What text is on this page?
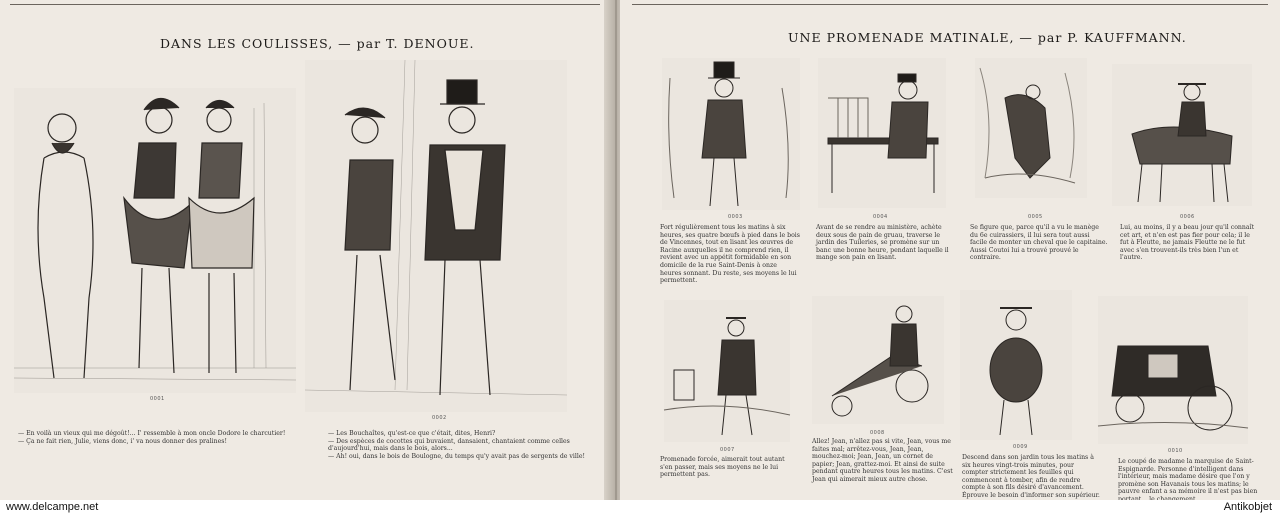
DANS LES COULISSES, — par T. DENOUE.
0001

— En voilà un vieux qui me dégoût!... I' ressemble à mon oncle Dodore le charcutier!

— Ça ne fait rien, Julie, viens donc, i' va nous donner des pralines!

0002

— Les Bouchaîtes, qu'est-ce que c'était, dites, Henri?

— Des espèces de cocottes qui buvaient, dansaient, chantaient comme celles d'aujourd'hui, mais dans le bois, alors...

— Ah! oui, dans le bois de Boulogne, du temps qu'y avait pas de sergents de ville!

UNE PROMENADE MATINALE, — par P. KAUFFMANN.
0003	0004	0005	0006
Fort régulièrement tous les matins à six heures, ses quatre bœufs à pied dans le bois de Vincennes, tout en lisant les œuvres de Racine auxquelles il ne comprend rien, il revient avec un appétit formidable en son domicile de la rue Saint-Denis à onze heures sonnant. Du reste, ses moyens le lui permettent.
Avant de se rendre au ministère, achète deux sous de pain de gruau, traverse le jardin des Tuileries, se promène sur un banc une bonne heure, pendant laquelle il mange son pain en lisant.
Se figure que, parce qu'il a vu le manège du 6e cuirassiers, il lui sera tout aussi facile de monter un cheval que le capitaine. Aussi Coutoi lui a trouvé prouvé le contraire.
Lui, au moins, il y a beau jour qu'il connaît cet art, et n'en est pas fier pour cela; il le fut à Fleutte, ne jamais Fleutte ne le fut avec s'en trouvent-ils très bien l'un et l'autre.
0007
0008
0009
0010
Promenade forcée, aimerait tout autant s'en passer, mais ses moyens ne le lui permettent pas.
Allez! Jean, n'allez pas si vite, Jean, vous me faites mal; arrêtez-vous, Jean, Jean, mouchez-moi; Jean, Jean, un cornet de papier; Jean, grattez-moi. Et ainsi de suite pendant quatre heures tous les matins. C'est Jean qui aimerait mieux autre chose.
Descend dans son jardin tous les matins à six heures vingt-trois minutes, pour compter strictement les feuilles qui commencent à tomber, afin de rendre compte à son fils désiré d'avancement. Éprouve le besoin d'informer son supérieur.
Le coupé de madame la marquise de Saint-Espignarde. Personne d'intelligent dans l'intérieur, mais madame désire que l'on y promène son Havanais tous les matins; le pauvre enfant a sa mémoire il n'est pas bien
www.delcampe.net	Antikobjet
